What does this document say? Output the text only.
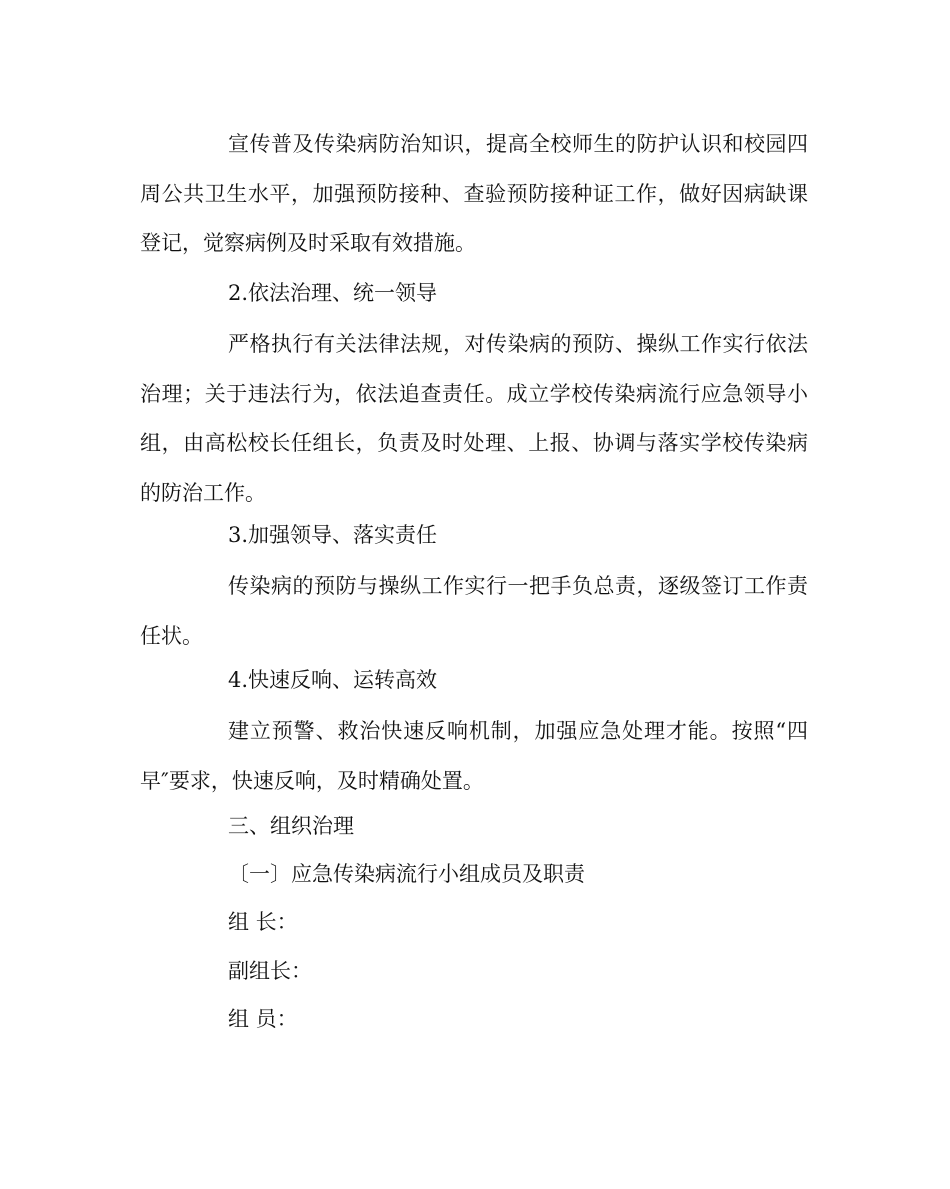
宣传普及传染病防治知识，提高全校师生的防护认识和校园四周公共卫生水平，加强预防接种、查验预防接种证工作，做好因病缺课登记，觉察病例及时采取有效措施。

2.依法治理、统一领导

严格执行有关法律法规，对传染病的预防、操纵工作实行依法治理；关于违法行为，依法追查责任。成立学校传染病流行应急领导小组，由高松校长任组长，负责及时处理、上报、协调与落实学校传染病的防治工作。

3.加强领导、落实责任

传染病的预防与操纵工作实行一把手负总责，逐级签订工作责任状。

4.快速反响、运转高效

建立预警、救治快速反响机制，加强应急处理才能。按照“四早″要求，快速反响，及时精确处置。

三、组织治理

〔一〕应急传染病流行小组成员及职责

组 长：

副组长：

组 员：
